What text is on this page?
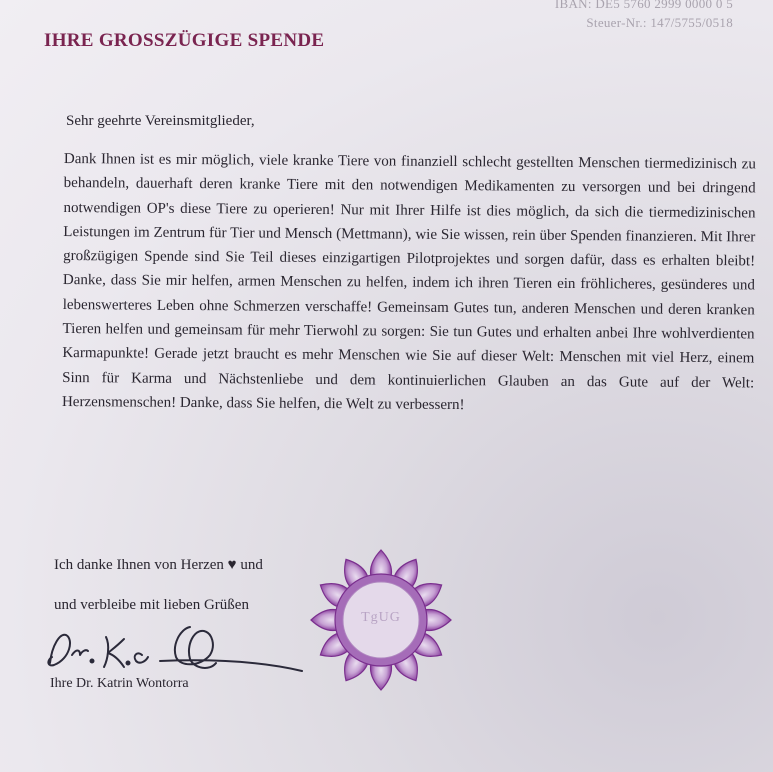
IBAN: DE5 5760 2999 0000 0 5
Steuer-Nr.: 147/5755/0518
IHRE GROSSZÜGIGE SPENDE

Sehr geehrte Vereinsmitglieder,

Dank Ihnen ist es mir möglich, viele kranke Tiere von finanziell schlecht gestellten Menschen tiermedizinisch zu behandeln, dauerhaft deren kranke Tiere mit den notwendigen Medikamenten zu versorgen und bei dringend notwendigen OP's diese Tiere zu operieren! Nur mit Ihrer Hilfe ist dies möglich, da sich die tiermedizinischen Leistungen im Zentrum für Tier und Mensch (Mettmann), wie Sie wissen, rein über Spenden finanzieren. Mit Ihrer großzügigen Spende sind Sie Teil dieses einzigartigen Pilotprojektes und sorgen dafür, dass es erhalten bleibt! Danke, dass Sie mir helfen, armen Menschen zu helfen, indem ich ihren Tieren ein fröhlicheres, gesünderes und lebenswerteres Leben ohne Schmerzen verschaffe! Gemeinsam Gutes tun, anderen Menschen und deren kranken Tieren helfen und gemeinsam für mehr Tierwohl zu sorgen: Sie tun Gutes und erhalten anbei Ihre wohlverdienten Karmapunkte! Gerade jetzt braucht es mehr Menschen wie Sie auf dieser Welt: Menschen mit viel Herz, einem Sinn für Karma und Nächstenliebe und dem kontinuierlichen Glauben an das Gute auf der Welt: Herzensmenschen! Danke, dass Sie helfen, die Welt zu verbessern!

Ich danke Ihnen von Herzen ♥ und

und verbleibe mit lieben Grüßen

Ihre Dr. Katrin Wontorra

TgUG
